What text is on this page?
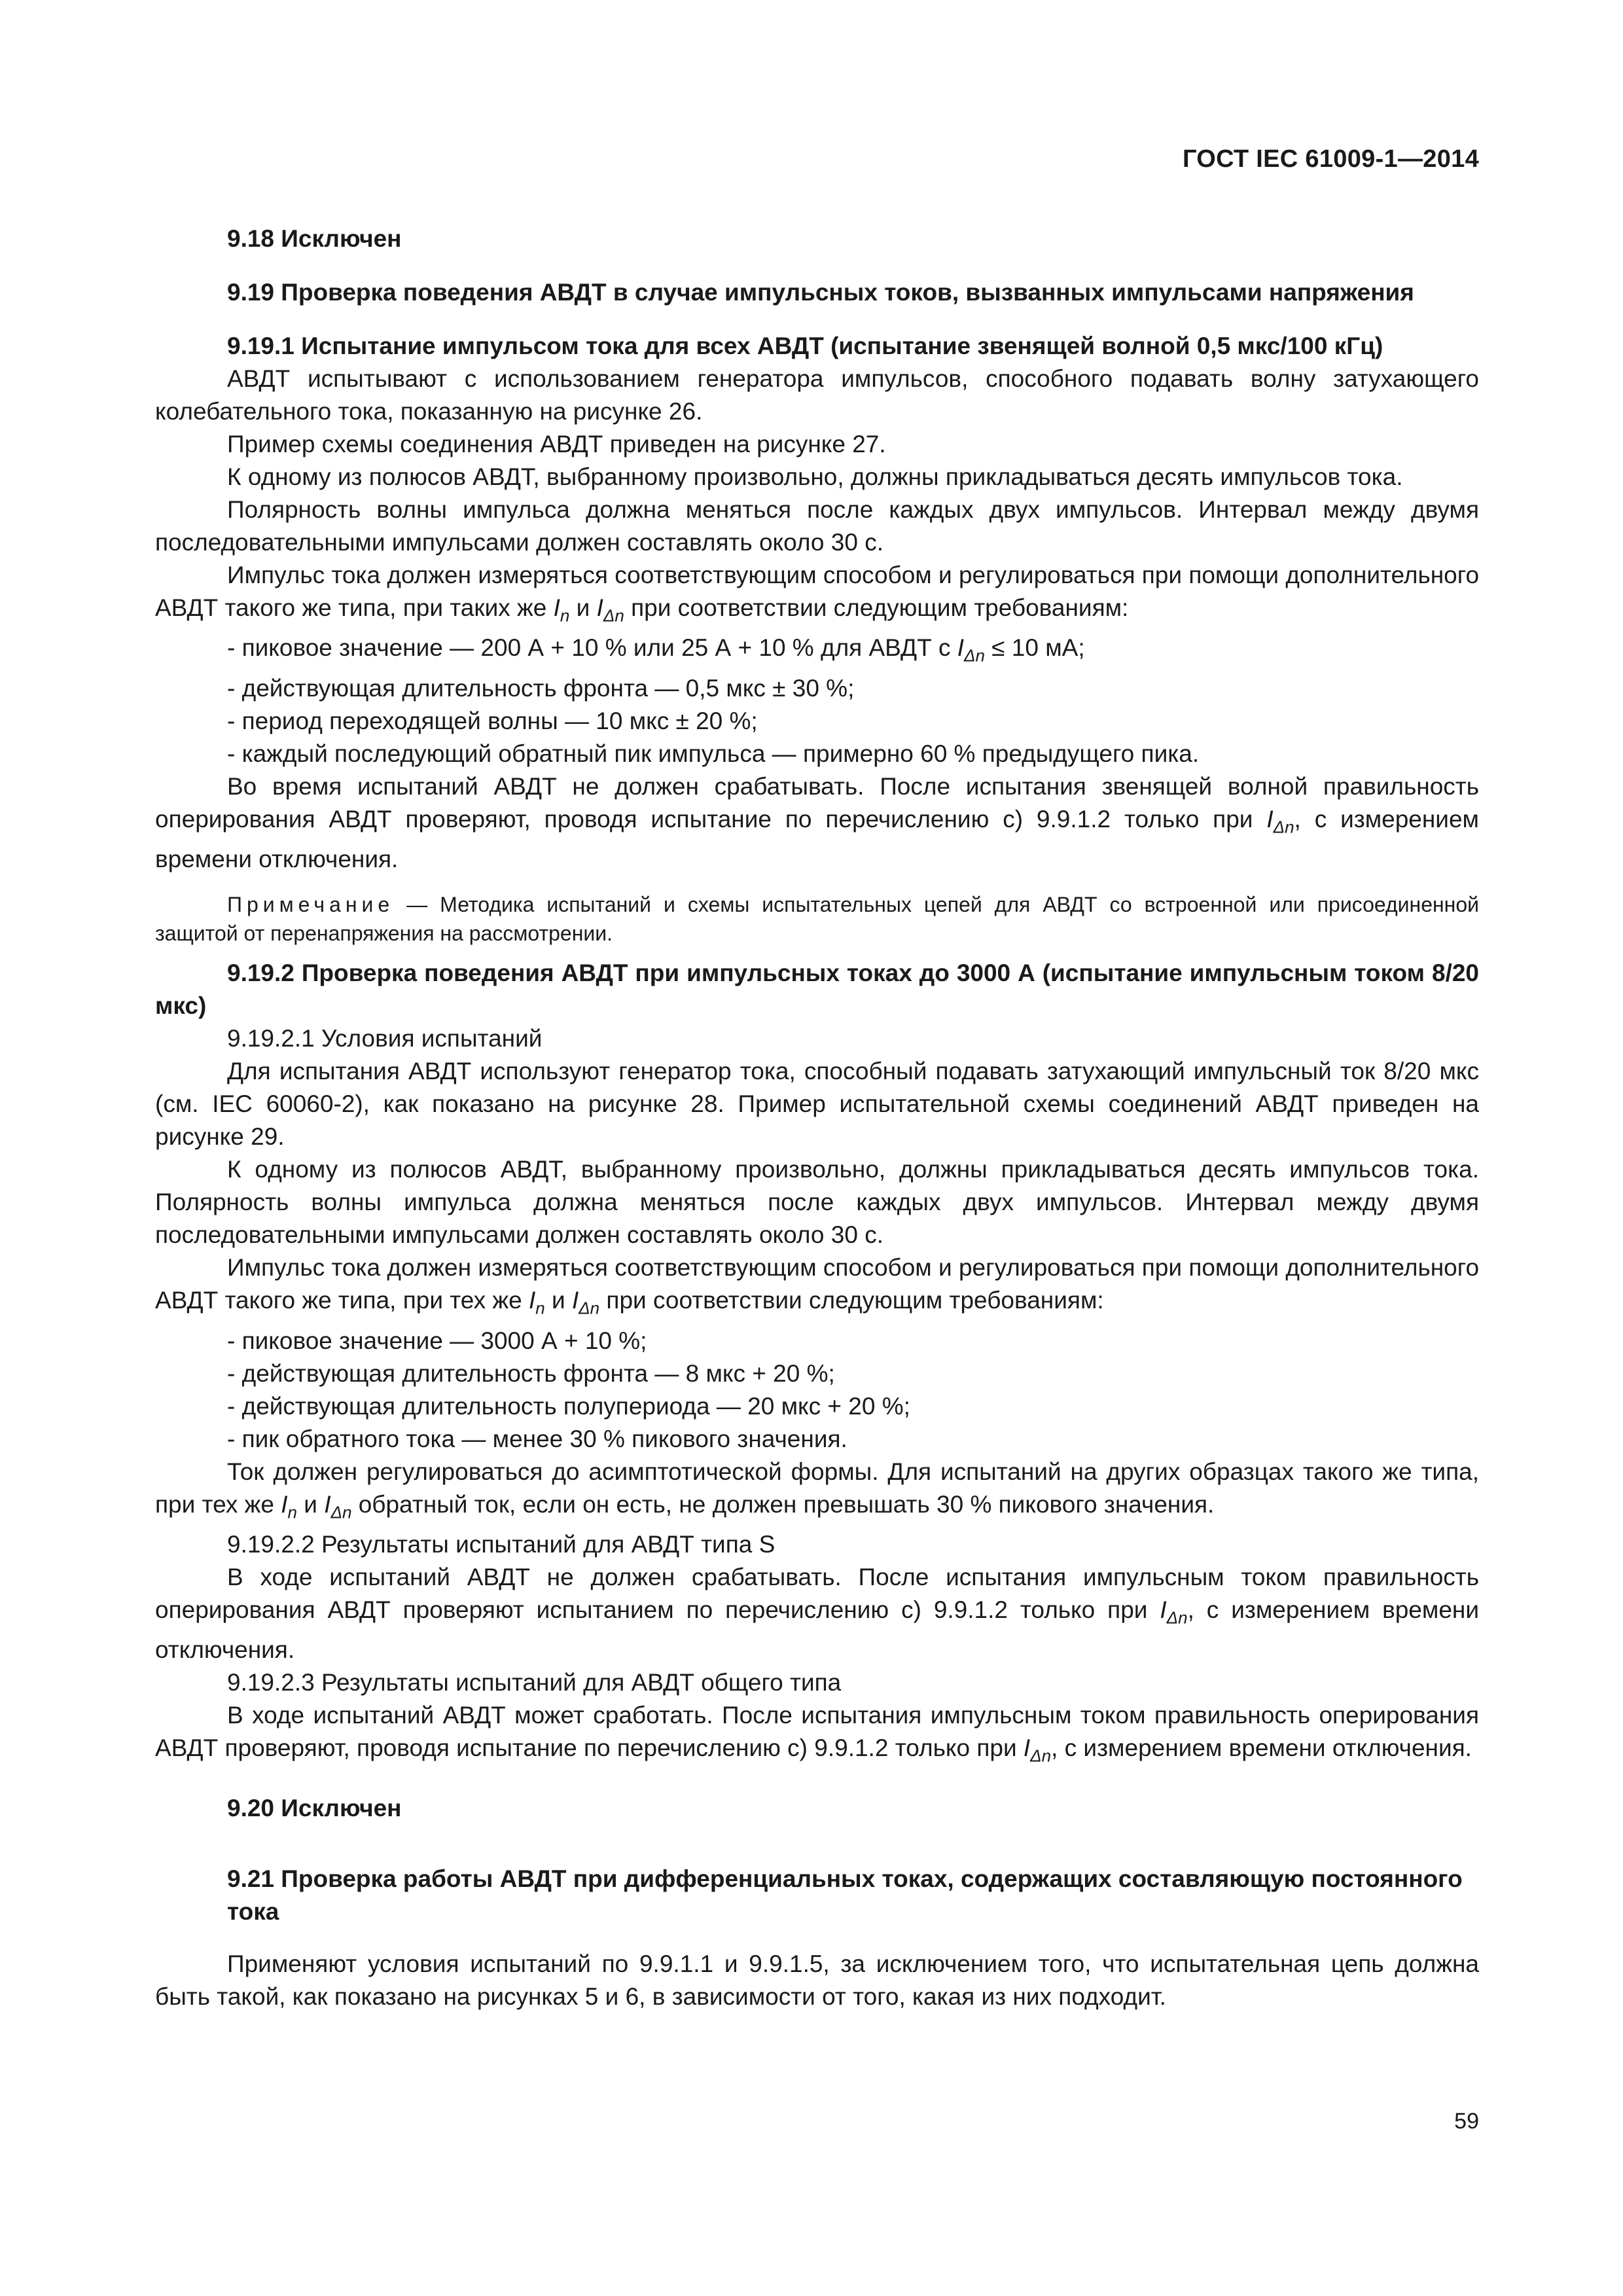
ГОСТ IEC 61009-1—2014

9.18 Исключен

9.19 Проверка поведения АВДТ в случае импульсных токов, вызванных импульсами напряжения

9.19.1 Испытание импульсом тока для всех АВДТ (испытание звенящей волной 0,5 мкс/100 кГц)

АВДТ испытывают с использованием генератора импульсов, способного подавать волну затухающего колебательного тока, показанную на рисунке 26.

Пример схемы соединения АВДТ приведен на рисунке 27.

К одному из полюсов АВДТ, выбранному произвольно, должны прикладываться десять импульсов тока.

Полярность волны импульса должна меняться после каждых двух импульсов. Интервал между двумя последовательными импульсами должен составлять около 30 с.

Импульс тока должен измеряться соответствующим способом и регулироваться при помощи дополнительного АВДТ такого же типа, при таких же $I_n$ и $I_{\Delta n}$ при соответствии следующим требованиям:

- пиковое значение — 200 А + 10 % или 25 А + 10 % для АВДТ с $I_{\Delta n} \le 10$ мА;

- действующая длительность фронта — 0,5 мкс ± 30 %;

- период переходящей волны — 10 мкс ± 20 %;

- каждый последующий обратный пик импульса — примерно 60 % предыдущего пика.

Во время испытаний АВДТ не должен срабатывать. После испытания звенящей волной правильность оперирования АВДТ проверяют, проводя испытание по перечислению с) 9.9.1.2 только при $I_{\Delta n}$, с измерением времени отключения.

Примечание — Методика испытаний и схемы испытательных цепей для АВДТ со встроенной или присоединенной защитой от перенапряжения на рассмотрении.

9.19.2 Проверка поведения АВДТ при импульсных токах до 3000 А (испытание импульсным током 8/20 мкс)

9.19.2.1 Условия испытаний

Для испытания АВДТ используют генератор тока, способный подавать затухающий импульсный ток 8/20 мкс (см. IEC 60060-2), как показано на рисунке 28. Пример испытательной схемы соединений АВДТ приведен на рисунке 29.

К одному из полюсов АВДТ, выбранному произвольно, должны прикладываться десять импульсов тока. Полярность волны импульса должна меняться после каждых двух импульсов. Интервал между двумя последовательными импульсами должен составлять около 30 с.

Импульс тока должен измеряться соответствующим способом и регулироваться при помощи дополнительного АВДТ такого же типа, при тех же $I_n$ и $I_{\Delta n}$ при соответствии следующим требованиям:

- пиковое значение — 3000 А + 10 %;

- действующая длительность фронта — 8 мкс + 20 %;

- действующая длительность полупериода — 20 мкс + 20 %;

- пик обратного тока — менее 30 % пикового значения.

Ток должен регулироваться до асимптотической формы. Для испытаний на других образцах такого же типа, при тех же $I_n$ и $I_{\Delta n}$ обратный ток, если он есть, не должен превышать 30 % пикового значения.

9.19.2.2 Результаты испытаний для АВДТ типа S

В ходе испытаний АВДТ не должен срабатывать. После испытания импульсным током правильность оперирования АВДТ проверяют испытанием по перечислению с) 9.9.1.2 только при $I_{\Delta n}$, с измерением времени отключения.

9.19.2.3 Результаты испытаний для АВДТ общего типа

В ходе испытаний АВДТ может сработать. После испытания импульсным током правильность оперирования АВДТ проверяют, проводя испытание по перечислению с) 9.9.1.2 только при $I_{\Delta n}$, с измерением времени отключения.

9.20 Исключен

9.21 Проверка работы АВДТ при дифференциальных токах, содержащих составляющую постоянного тока

Применяют условия испытаний по 9.9.1.1 и 9.9.1.5, за исключением того, что испытательная цепь должна быть такой, как показано на рисунках 5 и 6, в зависимости от того, какая из них подходит.

59
